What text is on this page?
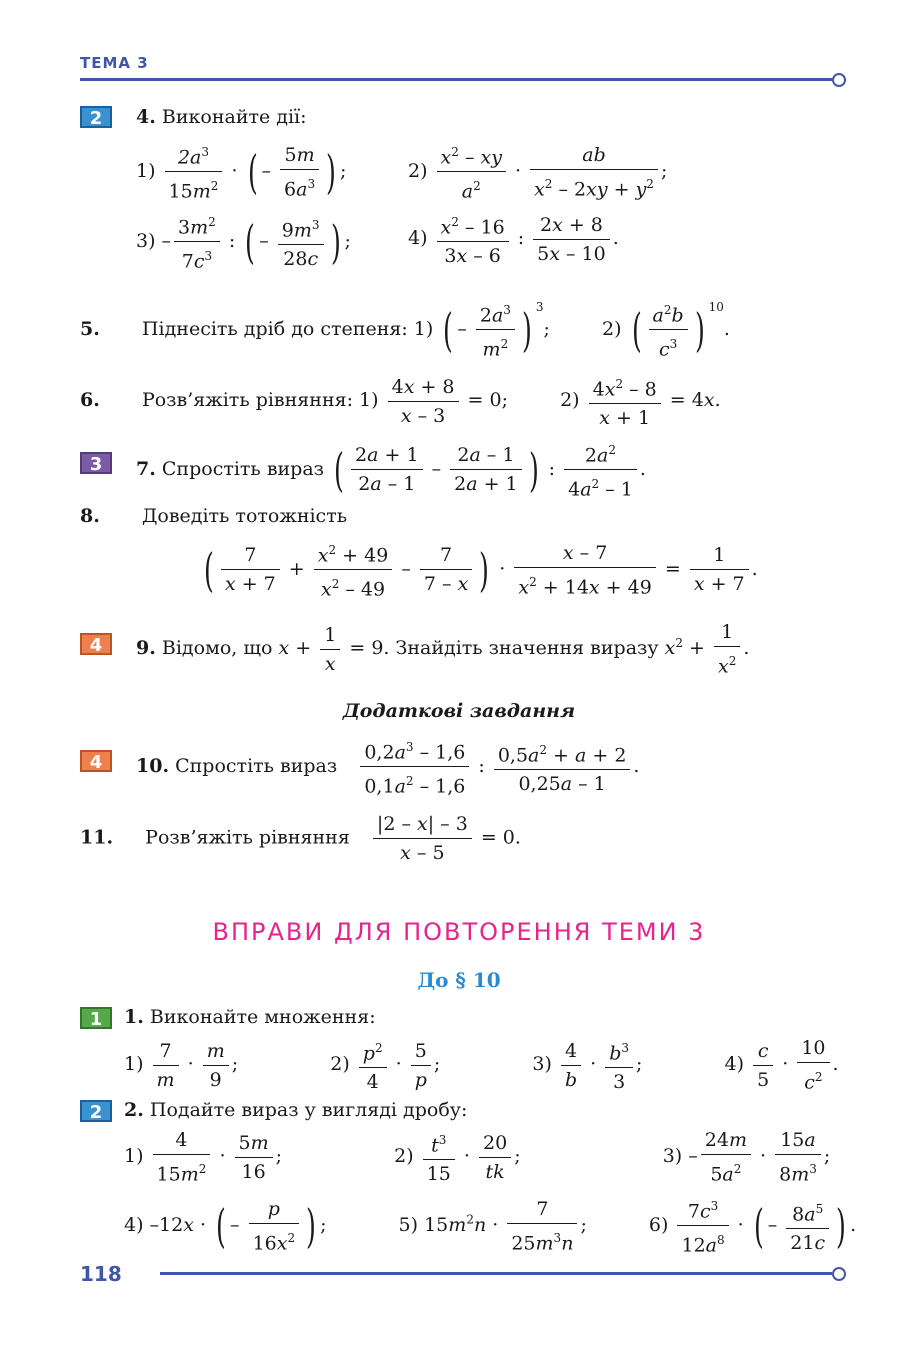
ТЕМА 3
2	4. Виконайте дії:
$1) \frac{2a^3}{15m^2}$ · ( – $\frac{5m}{6a^3}$ ) ;	$2) \frac{x^2 - xy}{a^2} \cdot \frac{ab}{x^2 - 2xy + y^2}$ ;
$3) - \frac{3m^2}{7c^3}$ : ( – $\frac{9m^3}{28c}$ ) ;	$4) \frac{x^2 - 16}{3x - 6}$ : $\frac{2x + 8}{5x - 10}$ .
5. Піднесіть дріб до степеня: 1) ( – $\frac{2a^3}{m^2}$ ) $^3$;  2) ( $\frac{a^2b}{c^3}$ ) $^{10}$.
6. Розв’яжіть рівняння: $1) \frac{4x + 8}{x - 3} = 0$;  $2) \frac{4x^2 - 8}{x + 1} = 4x$.
3	7. Спростіть вираз ( $\frac{2a + 1}{2a - 1} - \frac{2a - 1}{2a + 1}$ ) : $\frac{2a^2}{4a^2 - 1}$ .
8. Доведіть тотожність
( $\frac{7}{x + 7} + \frac{x^2 + 49}{x^2 - 49} - \frac{7}{7 - x}$ ) · $\frac{x - 7}{x^2 + 14x + 49} = \frac{1}{x + 7}$ .
4	9. Відомо, що $x + \frac{1}{x} = 9$. Знайдіть значення виразу $x^2 + \frac{1}{x^2}$ .
Додаткові завдання
4	10. Спростіть вираз $\frac{0,2a^3 - 1,6}{0,1a^2 - 1,6}$ : $\frac{0,5a^2 + a + 2}{0,25a - 1}$ .
11. Розв’яжіть рівняння $\frac{|2 - x| - 3}{x - 5} = 0$.
ВПРАВИ ДЛЯ ПОВТОРЕННЯ ТЕМИ 3
До § 10
1	1. Виконайте множення:
$1) \frac{7}{m} \cdot \frac{m}{9}$ ;	$2) \frac{p^2}{4} \cdot \frac{5}{p}$ ;	$3) \frac{4}{b} \cdot \frac{b^3}{3}$ ;	$4) \frac{c}{5} \cdot \frac{10}{c^2}$ .
2	2. Подайте вираз у вигляді дробу:
$1) \frac{4}{15m^2} \cdot \frac{5m}{16}$ ;	$2) \frac{t^3}{15} \cdot \frac{20}{tk}$ ;	$3) - \frac{24m}{5a^2} \cdot \frac{15a}{8m^3}$ ;
4) –12x · ( – $\frac{p}{16x^2}$ ) ;	5) $15m^2n \cdot \frac{7}{25m^3n}$ ;	$6) \frac{7c^3}{12a^8}$ · ( – $\frac{8a^5}{21c}$ ) .
118
